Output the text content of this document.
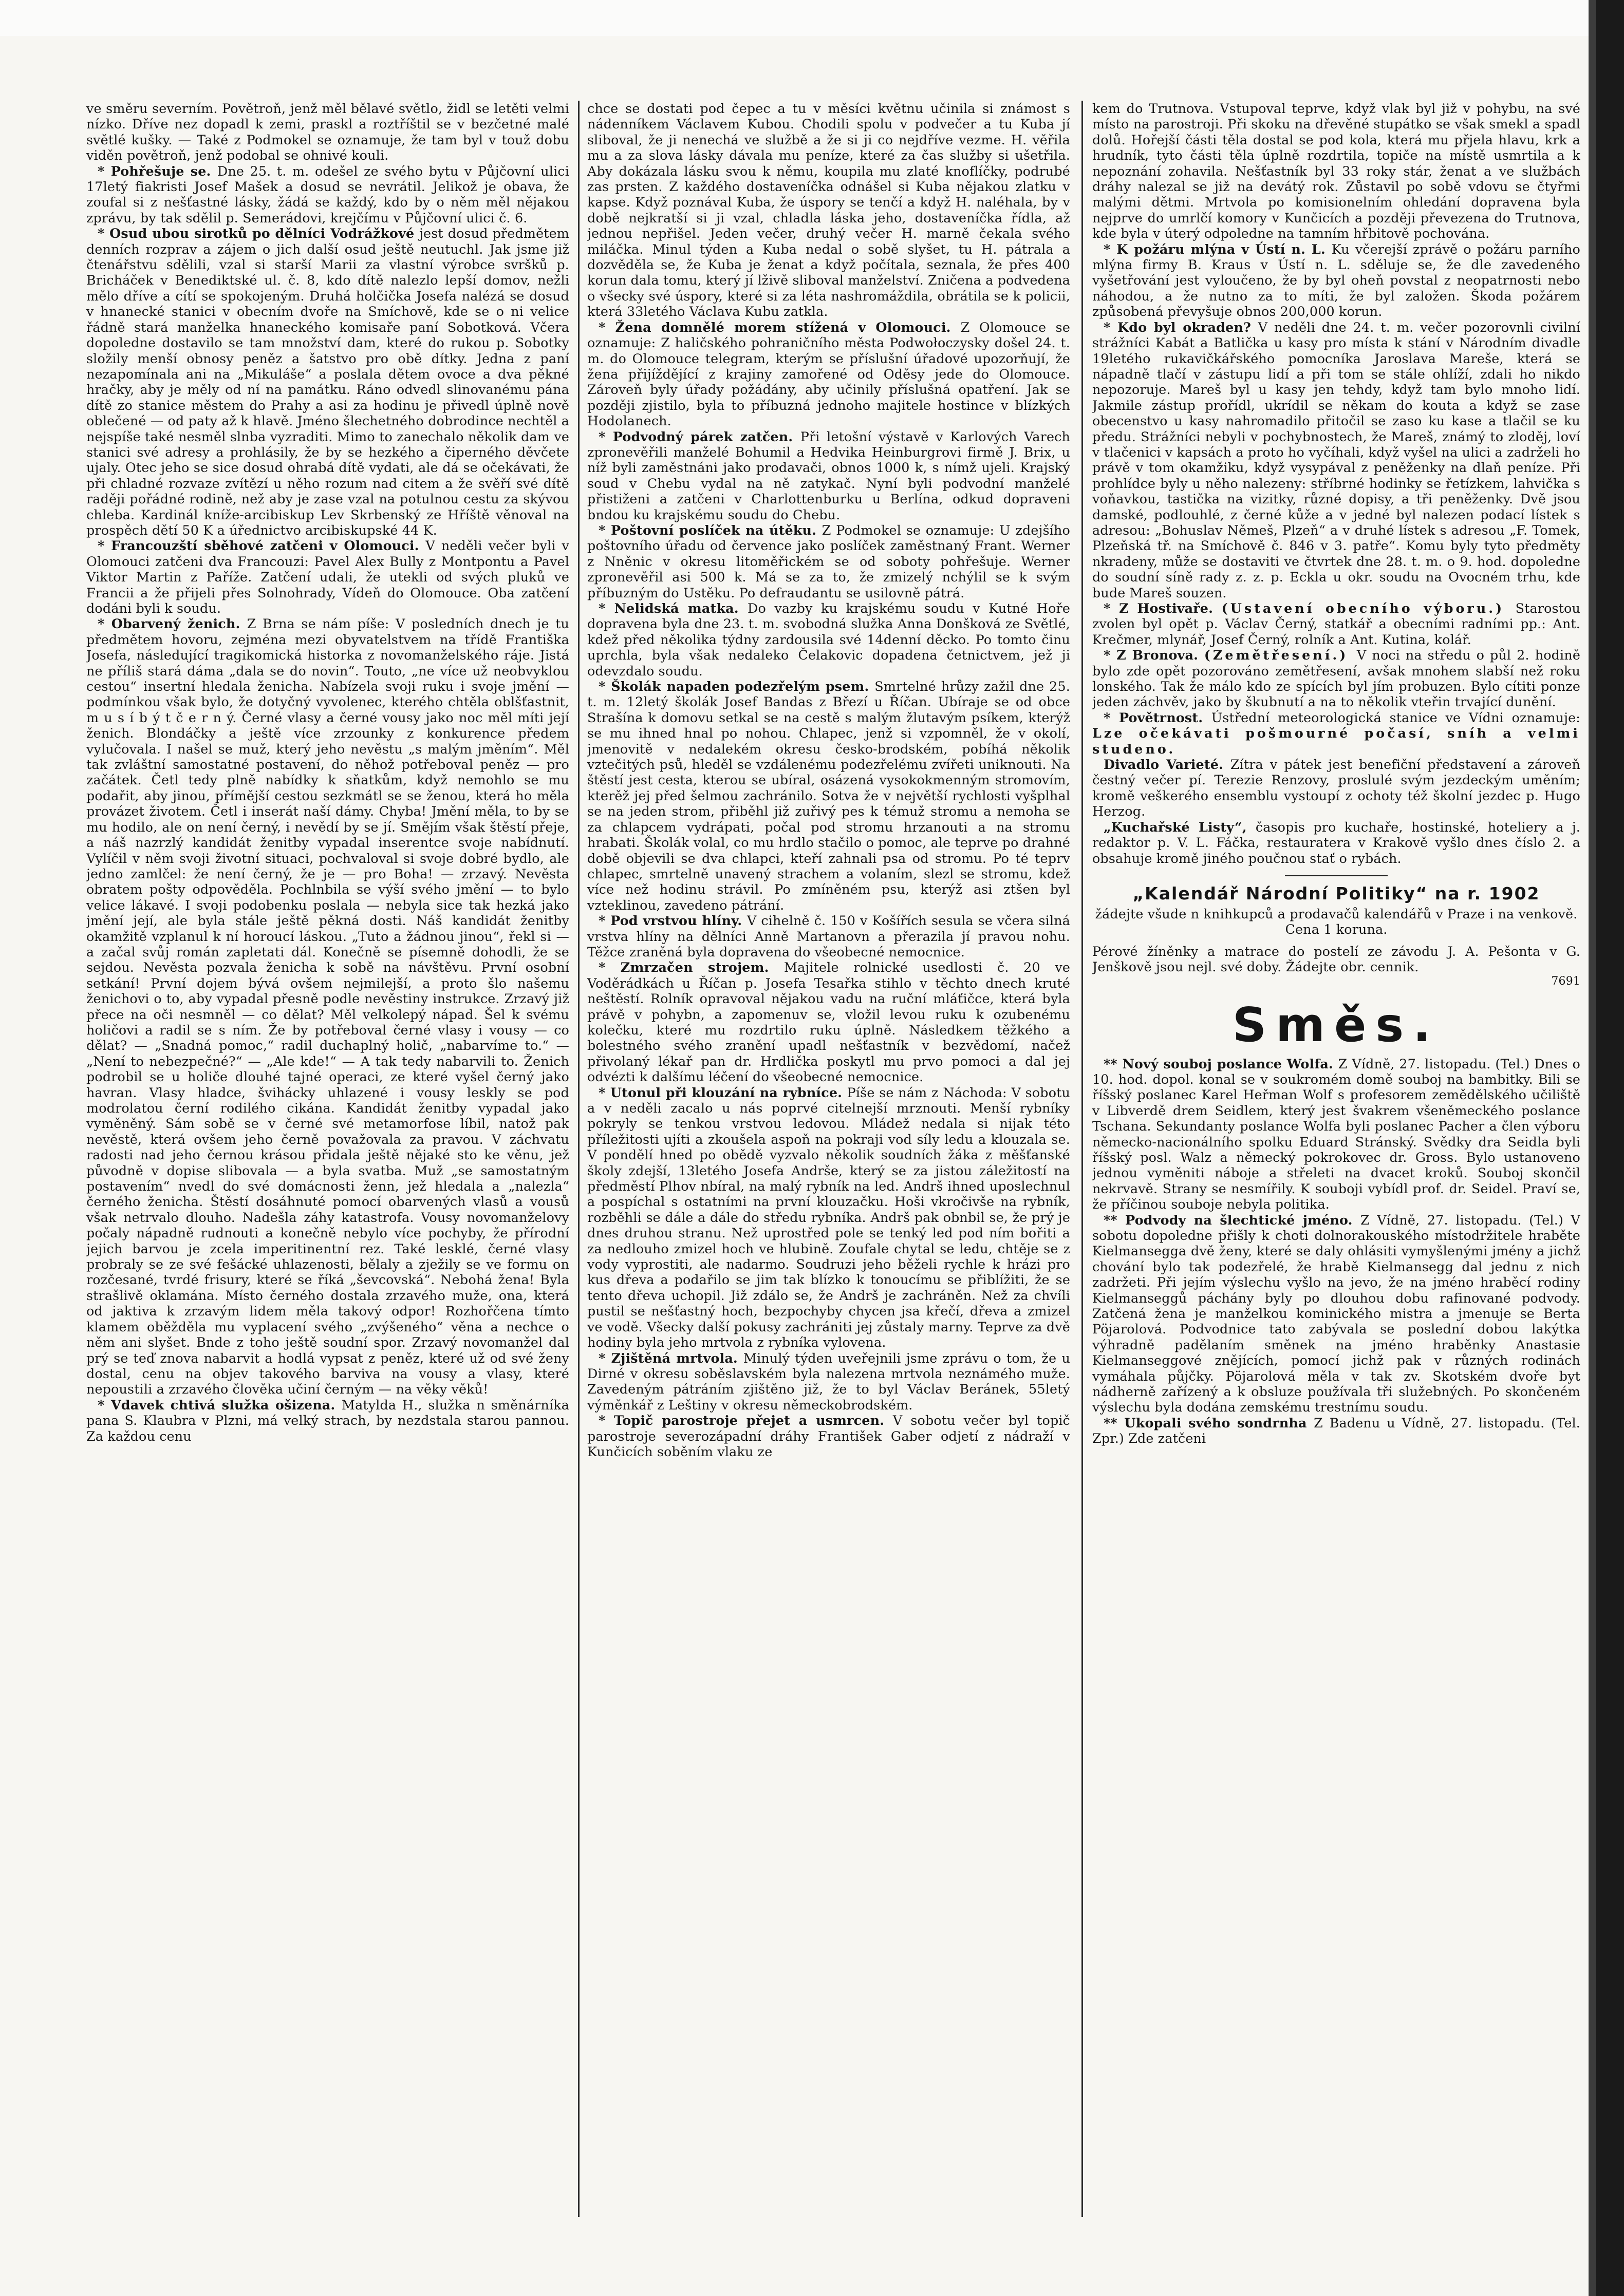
ve směru severním. Povětroň, jenž měl bělavé světlo, židl se letěti velmi nízko. Dříve nez dopadl k zemi, praskl a roztříštil se v bezčetné malé světlé kušky. — Také z Podmokel se oznamuje, že tam byl v touž dobu viděn povětroň, jenž podobal se ohnivé kouli.

* Pohřešuje se. Dne 25. t. m. odešel ze svého bytu v Půjčovní ulici 17letý fiakristi Josef Mašek a dosud se nevrátil. Jelikož je obava, že zoufal si z nešťastné lásky, žádá se každý, kdo by o něm měl nějakou zprávu, by tak sdělil p. Semerádovi, krejčímu v Půjčovní ulici č. 6.

* Osud ubou sirotků po dělníci Vodrážkové jest dosud předmětem denních rozprav a zájem o jich další osud ještě neutuchl. Jak jsme již čtenářstvu sdělili, vzal si starší Marii za vlastní výrobce svršků p. Bricháček v Benediktské ul. č. 8, kdo dítě nalezlo lepší domov, nežli mělo dříve a cítí se spokojeným. Druhá holčička Josefa nalézá se dosud v hnanecké stanici v obecním dvoře na Smíchově, kde se o ni velice řádně stará manželka hnaneckého komisaře paní Sobotková. Včera dopoledne dostavilo se tam množství dam, které do rukou p. Sobotky složily menší obnosy peněz a šatstvo pro obě dítky. Jedna z paní nezapomínala ani na „Mikuláše“ a poslala dětem ovoce a dva pěkné hračky, aby je měly od ní na památku. Ráno odvedl slinovanému pána dítě zo stanice městem do Prahy a asi za hodinu je přivedl úplně nově oblečené — od paty až k hlavě. Jméno šlechetného dobrodince nechtěl a nejspíše také nesměl slnba vyzraditi. Mimo to zanechalo několik dam ve stanici své adresy a prohlásily, že by se hezkého a čiperného děvčete ujaly. Otec jeho se sice dosud ohrabá dítě vydati, ale dá se očekávati, že při chladné rozvaze zvítězí u něho rozum nad citem a že svěří své dítě raději pořádné rodině, než aby je zase vzal na potulnou cestu za skývou chleba. Kardinál kníže-arcibiskup Lev Skrbenský ze Hříště věnoval na prospěch dětí 50 K a úřednictvo arcibiskupské 44 K.

* Francouzští sběhové zatčeni v Olomouci. V neděli večer byli v Olomouci zatčeni dva Francouzi: Pavel Alex Bully z Montpontu a Pavel Viktor Martin z Paříže. Zatčení udali, že utekli od svých pluků ve Francii a že přijeli přes Solnohrady, Vídeň do Olomouce. Oba zatčení dodáni byli k soudu.

* Obarvený ženich. Z Brna se nám píše: V posledních dnech je tu předmětem hovoru, zejména mezi obyvatelstvem na třídě Františka Josefa, následující tragikomická historka z novomanželského ráje. Jistá ne příliš stará dáma „dala se do novin“. Touto, „ne více už neobvyklou cestou“ insertní hledala ženicha. Nabízela svoji ruku i svoje jmění — podmínkou však bylo, že dotyčný vyvolenec, kterého chtěla oblšťastnit, m u s í b ý t č e r n ý. Černé vlasy a černé vousy jako noc měl míti její ženich. Blondáčky a ještě více zrzounky z konkurence předem vylučovala. I našel se muž, který jeho nevěstu „s malým jměním“. Měl tak zvláštní samostatné postavení, do něhož potřeboval peněz — pro začátek. Četl tedy plně nabídky k sňatkům, když nemohlo se mu podařit, aby jinou, přímější cestou sezkmátl se se ženou, která ho měla provázet životem. Četl i inserát naší dámy. Chyba! Jmění měla, to by se mu hodilo, ale on není černý, i nevědí by se jí. Smějím však štěstí přeje, a náš nazrzlý kandidát ženitby vypadal inserentce svoje nabídnutí. Vylíčil v něm svoji životní situaci, pochvaloval si svoje dobré bydlo, ale jedno zamlčel: že není černý, že je — pro Boha! — zrzavý. Nevěsta obratem pošty odpověděla. Pochlnbila se výší svého jmění — to bylo velice lákavé. I svoji podobenku poslala — nebyla sice tak hezká jako jmění její, ale byla stále ještě pěkná dosti. Náš kandidát ženitby okamžitě vzplanul k ní horoucí láskou. „Tuto a žádnou jinou“, řekl si — a začal svůj román zapletati dál. Konečně se písemně dohodli, že se sejdou. Nevěsta pozvala ženicha k sobě na návštěvu. První osobní setkání! První dojem bývá ovšem nejmilejší, a proto šlo našemu ženichovi o to, aby vypadal přesně podle nevěstiny instrukce. Zrzavý již přece na oči nesmněl — co dělat? Měl velkolepý nápad. Šel k svému holičovi a radil se s ním. Že by potřeboval černé vlasy i vousy — co dělat? — „Snadná pomoc,“ radil duchaplný holič, „nabarvíme to.“ — „Není to nebezpečné?“ — „Ale kde!“ — A tak tedy nabarvili to. Ženich podrobil se u holiče dlouhé tajné operaci, ze které vyšel černý jako havran. Vlasy hladce, švihácky uhlazené i vousy leskly se pod modrolatou černí rodilého cikána. Kandidát ženitby vypadal jako vyměněný. Sám sobě se v černé své metamorfose líbil, natož pak nevěstě, která ovšem jeho černě považovala za pravou. V záchvatu radosti nad jeho černou krásou přidala ještě nějaké sto ke věnu, jež původně v dopise slibovala — a byla svatba. Muž „se samostatným postavením“ nvedl do své domácnosti ženn, jež hledala a „nalezla“ černého ženicha. Štěstí dosáhnuté pomocí obarvených vlasů a vousů však netrvalo dlouho. Nadešla záhy katastrofa. Vousy novomanželovy počaly nápadně rudnouti a konečně nebylo více pochyby, že přírodní jejich barvou je zcela imperitinentní rez. Také lesklé, černé vlasy probraly se ze své fešácké uhlazenosti, bělaly a zježily se ve formu on rozčesané, tvrdé frisury, které se říká „ševcovská“. Nebohá žena! Byla strašlivě oklamána. Místo černého dostala zrzavého muže, ona, která od jaktiva k zrzavým lidem měla takový odpor! Rozhořčena tímto klamem oběžděla mu vyplacení svého „zvýšeného“ věna a nechce o něm ani slyšet. Bnde z toho ještě soudní spor. Zrzavý novomanžel dal prý se teď znova nabarvit a hodlá vypsat z peněz, které už od své ženy dostal, cenu na objev takového barviva na vousy a vlasy, které nepoustili a zrzavého člověka učiní černým — na věky věků!

* Vdavek chtivá služka ošizena. Matylda H., služka n směnárníka pana S. Klaubra v Plzni, má velký strach, by nezdstala starou pannou. Za každou cenu

chce se dostati pod čepec a tu v měsíci květnu učinila si známost s nádenníkem Václavem Kubou. Chodili spolu v podvečer a tu Kuba jí sliboval, že ji nenechá ve službě a že si ji co nejdříve vezme. H. věřila mu a za slova lásky dávala mu peníze, které za čas služby si ušetřila. Aby dokázala lásku svou k němu, koupila mu zlaté knoflíčky, podrubé zas prsten. Z každého dostaveníčka odnášel si Kuba nějakou zlatku v kapse. Když poznával Kuba, že úspory se tenčí a když H. naléhala, by v době nejkratší si ji vzal, chladla láska jeho, dostaveníčka řídla, až jednou nepřišel. Jeden večer, druhý večer H. marně čekala svého miláčka. Minul týden a Kuba nedal o sobě slyšet, tu H. pátrala a dozvěděla se, že Kuba je ženat a když počítala, seznala, že přes 400 korun dala tomu, který jí lživě sliboval manželství. Zničena a podvedena o všecky své úspory, které si za léta nashromáždila, obrátila se k policii, která 33letého Václava Kubu zatkla.

* Žena domnělé morem stížená v Olomouci. Z Olomouce se oznamuje: Z haličského pohraničního města Podwołoczysky došel 24. t. m. do Olomouce telegram, kterým se příslušní úřadové upozorňují, že žena přijíždějící z krajiny zamořené od Oděsy jede do Olomouce. Zároveň byly úřady požádány, aby učinily příslušná opatření. Jak se později zjistilo, byla to příbuzná jednoho majitele hostince v blízkých Hodolanech.

* Podvodný párek zatčen. Při letošní výstavě v Karlových Varech zpronevěřili manželé Bohumil a Hedvika Heinburgrovi firmě J. Brix, u níž byli zaměstnáni jako prodavači, obnos 1000 k, s nímž ujeli. Krajský soud v Chebu vydal na ně zatykač. Nyní byli podvodní manželé přistiženi a zatčeni v Charlottenburku u Berlína, odkud dopraveni bndou ku krajskému soudu do Chebu.

* Poštovní poslíček na útěku. Z Podmokel se oznamuje: U zdejšího poštovního úřadu od července jako poslíček zaměstnaný Frant. Werner z Nněnic v okresu litoměřickém se od soboty pohřešuje. Werner zpronevěřil asi 500 k. Má se za to, že zmizelý nchýlil se k svým příbuzným do Ustěku. Po defraudantu se usilovně pátrá.

* Nelidská matka. Do vazby ku krajskému soudu v Kutné Hoře dopravena byla dne 23. t. m. svobodná služka Anna Donšková ze Světlé, kdež před několika týdny zardousila své 14denní děcko. Po tomto činu uprchla, byla však nedaleko Čelakovic dopadena četnictvem, jež ji odevzdalo soudu.

* Školák napaden podezřelým psem. Smrtelné hrůzy zažil dne 25. t. m. 12letý školák Josef Bandas z Březí u Říčan. Ubíraje se od obce Strašína k domovu setkal se na cestě s malým žlutavým psíkem, kterýž se mu ihned hnal po nohou. Chlapec, jenž si vzpomněl, že v okolí, jmenovitě v nedalekém okresu česko-brodském, pobíhá několik vztečitých psů, hleděl se vzdálenému podezřelému zvířeti uniknouti. Na štěstí jest cesta, kterou se ubíral, osázená vysokokmenným stromovím, kterěž jej před šelmou zachránilo. Sotva že v největší rychlosti vyšplhal se na jeden strom, přiběhl již zuřivý pes k témuž stromu a nemoha se za chlapcem vydrápati, počal pod stromu hrzanouti a na stromu hrabati. Školák volal, co mu hrdlo stačilo o pomoc, ale teprve po drahné době objevili se dva chlapci, kteří zahnali psa od stromu. Po té teprv chlapec, smrtelně unavený strachem a volaním, slezl se stromu, kdež více než hodinu strávil. Po zmíněném psu, kterýž asi ztšen byl vzteklinou, zavedeno pátrání.

* Pod vrstvou hlíny. V cihelně č. 150 v Košířích sesula se včera silná vrstva hlíny na dělníci Anně Martanovn a přerazila jí pravou nohu. Těžce zraněná byla dopravena do všeobecné nemocnice.

* Zmrzačen strojem. Majitele rolnické usedlosti č. 20 ve Voděrádkách u Říčan p. Josefa Tesařka stihlo v těchto dnech kruté neštěstí. Rolník opravoval nějakou vadu na ruční mláťičce, která byla právě v pohybn, a zapomenuv se, vložil levou ruku k ozubenému kolečku, které mu rozdrtilo ruku úplně. Následkem těžkého a bolestného svého zranění upadl nešťastník v bezvědomí, načež přivolaný lékař pan dr. Hrdlička poskytl mu prvo pomoci a dal jej odvézti k dalšímu léčení do všeobecné nemocnice.

* Utonul při klouzání na rybníce. Píše se nám z Náchoda: V sobotu a v neděli zacalo u nás poprvé citelnejší mrznouti. Menší rybníky pokryly se tenkou vrstvou ledovou. Mládež nedala si nijak této příležitosti ujíti a zkoušela aspoň na pokraji vod síly ledu a klouzala se. V pondělí hned po obědě vyzvalo několik soudních žáka z měšťanské školy zdejší, 13letého Josefa Andrše, který se za jistou záležitostí na předměstí Plhov nbíral, na malý rybník na led. Andrš ihned uposlechnul a pospíchal s ostatními na první klouzačku. Hoši vkročivše na rybník, rozběhli se dále a dále do středu rybníka. Andrš pak obnbil se, že prý je dnes druhou stranu. Než uprostřed pole se tenký led pod ním bořiti a za nedlouho zmizel hoch ve hlubině. Zoufale chytal se ledu, chtěje se z vody vyprostiti, ale nadarmo. Soudruzi jeho běželi rychle k hrázi pro kus dřeva a podařilo se jim tak blízko k tonoucímu se přiblížiti, že se tento dřeva uchopil. Již zdálo se, že Andrš je zachráněn. Než za chvíli pustil se nešťastný hoch, bezpochyby chycen jsa křečí, dřeva a zmizel ve vodě. Všecky další pokusy zachrániti jej zůstaly marny. Teprve za dvě hodiny byla jeho mrtvola z rybníka vylovena.

* Zjištěná mrtvola. Minulý týden uveřejnili jsme zprávu o tom, že u Dirné v okresu soběslavském byla nalezena mrtvola neznámého muže. Zavedeným pátráním zjištěno již, že to byl Václav Beránek, 55letý výměnkář z Leštiny v okresu německobrodském.

* Topič parostroje přejet a usmrcen. V sobotu večer byl topič parostroje severozápadní dráhy František Gaber odjetí z nádraží v Kunčicích soběním vlaku ze

kem do Trutnova. Vstupoval teprve, když vlak byl již v pohybu, na své místo na parostroji. Při skoku na dřevěné stupátko se však smekl a spadl dolů. Hořejší části těla dostal se pod kola, která mu přjela hlavu, krk a hrudník, tyto části těla úplně rozdrtila, topiče na místě usmrtila a k nepoznání zohavila. Nešťastník byl 33 roky stár, ženat a ve službách dráhy nalezal se již na devátý rok. Zůstavil po sobě vdovu se čtyřmi malými dětmi. Mrtvola po komisionelním ohledání dopravena byla nejprve do umrlčí komory v Kunčicích a později převezena do Trutnova, kde byla v úterý odpoledne na tamním hřbitově pochována.

* K požáru mlýna v Ústí n. L. Ku včerejší zprávě o požáru parního mlýna firmy B. Kraus v Ústí n. L. sděluje se, že dle zavedeného vyšetřování jest vyloučeno, že by byl oheň povstal z neopatrnosti nebo náhodou, a že nutno za to míti, že byl založen. Škoda požárem způsobená převyšuje obnos 200,000 korun.

* Kdo byl okraden? V neděli dne 24. t. m. večer pozorovnli civilní strážníci Kabát a Batlička u kasy pro místa k stání v Národním divadle 19letého rukavičkářského pomocníka Jaroslava Mareše, která se nápadně tlačí v zástupu lidí a při tom se stále ohlíží, zdali ho nikdo nepozoruje. Mareš byl u kasy jen tehdy, když tam bylo mnoho lidí. Jakmile zástup prořídl, ukrídil se někam do kouta a když se zase obecenstvo u kasy nahromadilo přitočil se zaso ku kase a tlačil se ku předu. Strážníci nebyli v pochybnostech, že Mareš, známý to zloděj, loví v tlačenici v kapsách a proto ho vyčíhali, když vyšel na ulici a zadrželi ho právě v tom okamžiku, když vysypával z peněženky na dlaň peníze. Při prohlídce byly u něho nalezeny: stříbrné hodinky se řetízkem, lahvička s voňavkou, tastička na vizitky, různé dopisy, a tři peněženky. Dvě jsou damské, podlouhlé, z černé kůže a v jedné byl nalezen podací lístek s adresou: „Bohuslav Němeš, Plzeň“ a v druhé lístek s adresou „F. Tomek, Plzeňská tř. na Smíchově č. 846 v 3. patře“. Komu byly tyto předměty nkradeny, může se dostaviti ve čtvrtek dne 28. t. m. o 9. hod. dopoledne do soudní síně rady z. z. p. Eckla u okr. soudu na Ovocném trhu, kde bude Mareš souzen.

* Z Hostivaře. (Ustavení obecního výboru.) Starostou zvolen byl opět p. Václav Černý, statkář a obecními radními pp.: Ant. Krečmer, mlynář, Josef Černý, rolník a Ant. Kutina, kolář.

* Z Bronova. (Zemětřesení.) V noci na středu o půl 2. hodině bylo zde opět pozorováno zemětřesení, avšak mnohem slabší než roku lonského. Tak že málo kdo ze spících byl jím probuzen. Bylo cítiti ponze jeden záchvěv, jako by škubnutí a na to několik vteřin trvající dunění.

* Povětrnost. Ústřední meteorologická stanice ve Vídni oznamuje: Lze očekávati pošmourné počasí, sníh a velmi studeno.

Divadlo Varieté. Zítra v pátek jest benefiční představení a zároveň čestný večer pí. Terezie Renzovy, proslulé svým jezdeckým uměním; kromě veškerého ensemblu vystoupí z ochoty též školní jezdec p. Hugo Herzog.

„Kuchařské Listy“, časopis pro kuchaře, hostinské, hoteliery a j. redaktor p. V. L. Fáčka, restauratera v Krakově vyšlo dnes číslo 2. a obsahuje kromě jiného poučnou stať o rybách.

„Kalendář Národní Politiky“ na r. 1902
žádejte všude n knihkupců a prodavačů kalendářů v Praze i na venkově. Cena 1 koruna.
Pérové žíněnky a matrace do postelí ze závodu J. A. Pešonta v G. Jenškově jsou nejl. své doby. Žádejte obr. cennik.
7691
Směs.

** Nový souboj poslance Wolfa. Z Vídně, 27. listopadu. (Tel.) Dnes o 10. hod. dopol. konal se v soukromém domě souboj na bambitky. Bili se říšský poslanec Karel Heřman Wolf s profesorem zemědělského učiliště v Libverdě drem Seidlem, který jest švakrem všeněmeckého poslance Tschana. Sekundanty poslance Wolfa byli poslanec Pacher a člen výboru německo-nacionálního spolku Eduard Stránský. Svědky dra Seidla byli říšský posl. Walz a německý pokrokovec dr. Gross. Bylo ustanoveno jednou vyměniti náboje a střeleti na dvacet kroků. Souboj skončil nekrvavě. Strany se nesmířily. K souboji vybídl prof. dr. Seidel. Praví se, že příčinou souboje nebyla politika.

** Podvody na šlechtické jméno. Z Vídně, 27. listopadu. (Tel.) V sobotu dopoledne přišly k choti dolnorakouského místodržitele hraběte Kielmansegga dvě ženy, které se daly ohlásiti vymyšlenými jmény a jichž chování bylo tak podezřelé, že hrabě Kielmansegg dal jednu z nich zadržeti. Při jejím výslechu vyšlo na jevo, že na jméno hraběcí rodiny Kielmanseggů páchány byly po dlouhou dobu rafinované podvody. Zatčená žena je manželkou kominického mistra a jmenuje se Berta Pöjarolová. Podvodnice tato zabývala se poslední dobou lakýtka výhradně padělaním směnek na jméno hraběnky Anastasie Kielmanseggové znějících, pomocí jichž pak v různých rodinách vymáhala půjčky. Pöjarolová měla v tak zv. Skotském dvoře byt nádherně zařízený a k obsluze používala tři služebných. Po skončeném výslechu byla dodána zemskému trestnímu soudu.

** Ukopali svého sondrnha Z Badenu u Vídně, 27. listopadu. (Tel. Zpr.) Zde zatčeni
